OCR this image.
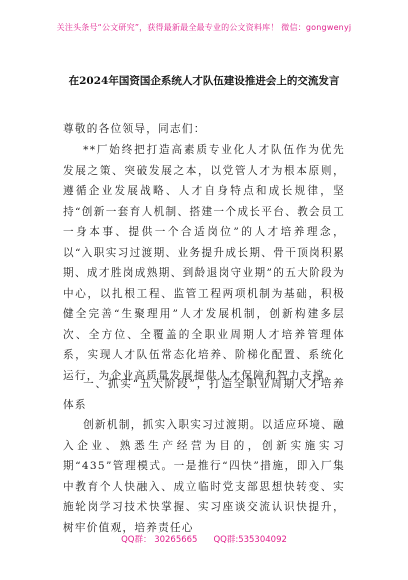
关注头条号“公文研究”，获得最新最全最专业的公文资料库！ 微信：gongwenyj
在2024年国资国企系统人才队伍建设推进会上的交流发言
尊敬的各位领导，同志们：
**厂始终把打造高素质专业化人才队伍作为优先发展之策、突破发展之本，以党管人才为根本原则，遵循企业发展战略、人才自身特点和成长规律，坚持“创新一套育人机制、搭建一个成长平台、教会员工一身本事、提供一个合适岗位”的人才培养理念，以“入职实习过渡期、业务提升成长期、骨干顶岗积累期、成才胜岗成熟期、到龄退岗守业期”的五大阶段为中心，以扎根工程、监管工程两项机制为基础，积极健全完善“生聚理用”人才发展机制，创新构建多层次、全方位、全覆盖的全职业周期人才培养管理体系，实现人才队伍常态化培养、阶梯化配置、系统化运行，为企业高质量发展提供人才保障和智力支撑。
一、抓实“五大阶段”，打造全职业周期人才培养体系
创新机制，抓实入职实习过渡期。以适应环境、融入企业、熟悉生产经营为目的，创新实施实习期“435”管理模式。一是推行“四快”措施，即入厂集中教育个人快融入、成立临时党支部思想快转变、实施轮岗学习技术快掌握、实习座谈交流认识快提升，树牢价值观，培养责任心
QQ群： 30265665 QQ群:535304092
